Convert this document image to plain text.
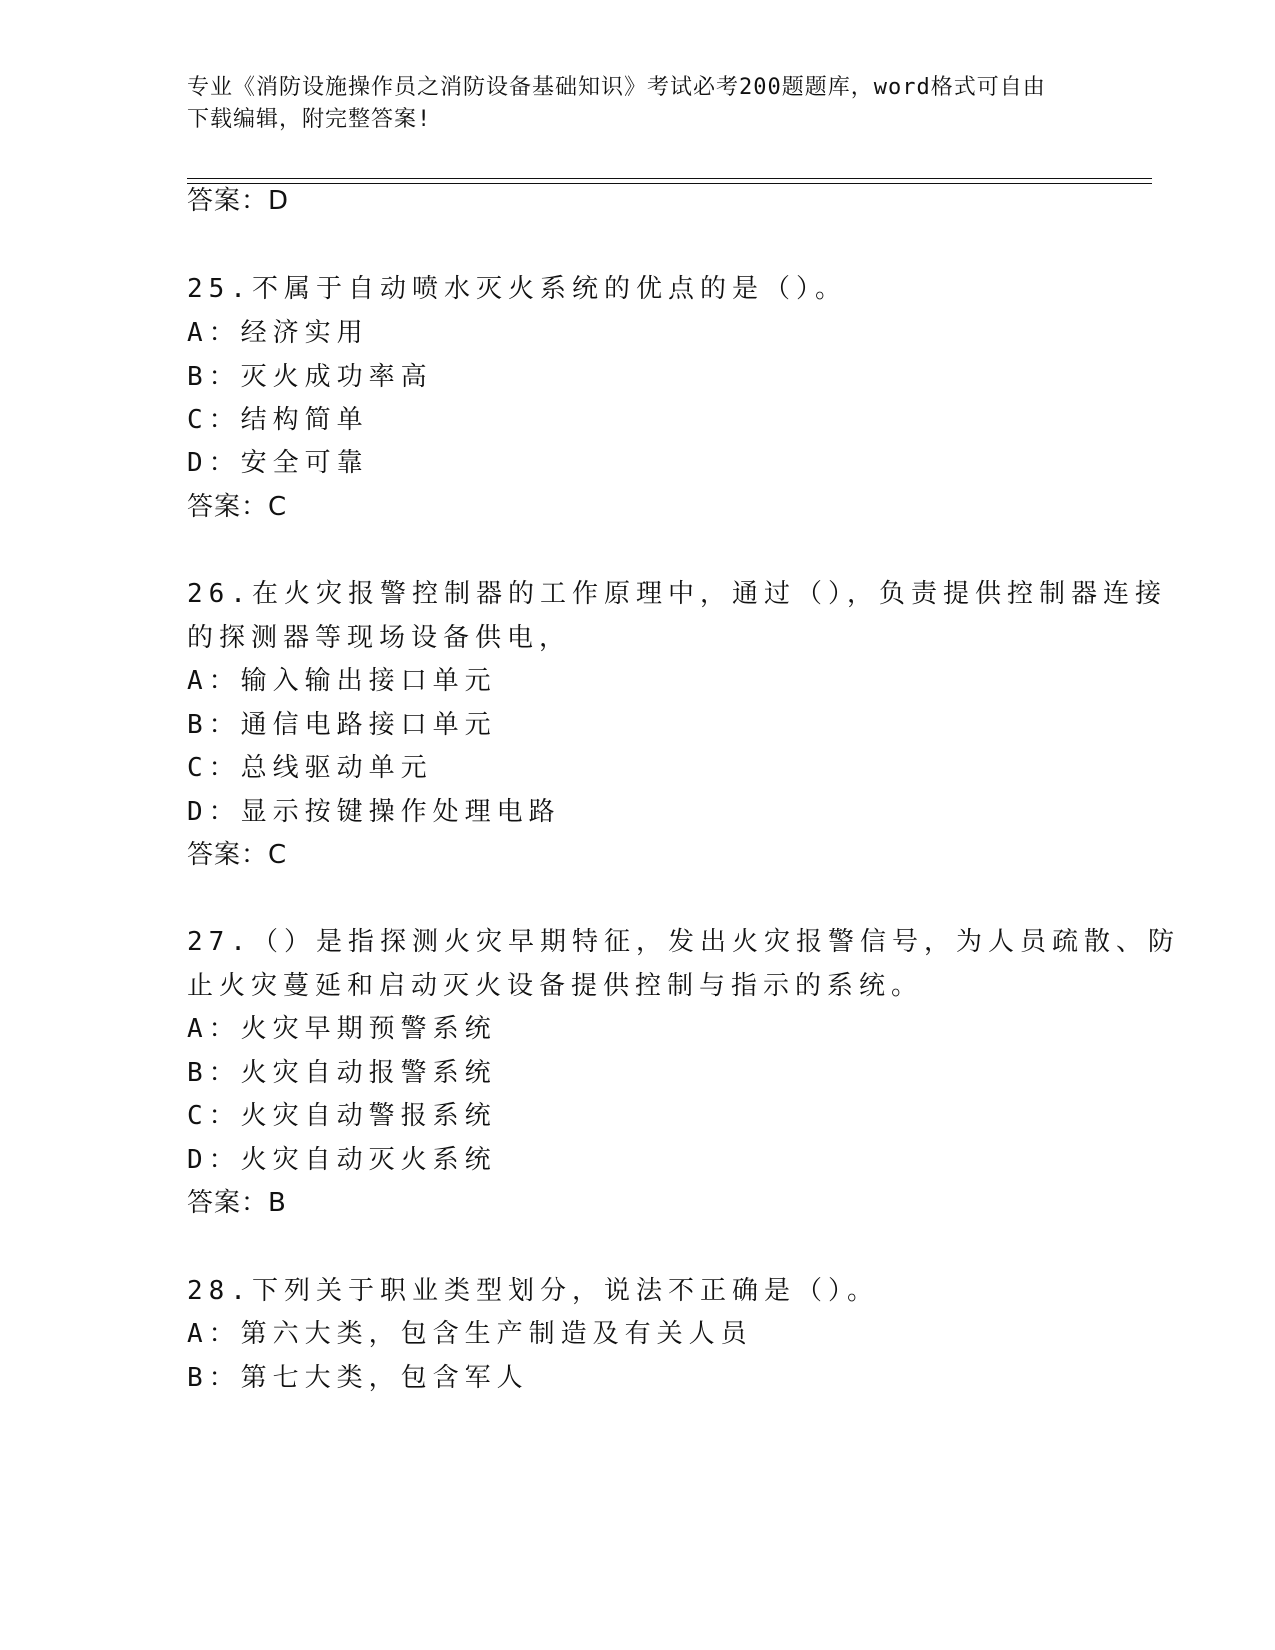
专业《消防设施操作员之消防设备基础知识》考试必考200题题库，word格式可自由下载编辑，附完整答案!
答案：D
25.不属于自动喷水灭火系统的优点的是（）。
A：经济实用
B：灭火成功率高
C：结构简单
D：安全可靠
答案：C
26.在火灾报警控制器的工作原理中，通过（），负责提供控制器连接
的探测器等现场设备供电，
A：输入输出接口单元
B：通信电路接口单元
C：总线驱动单元
D：显示按键操作处理电路
答案：C
27.（）是指探测火灾早期特征，发出火灾报警信号，为人员疏散、防
止火灾蔓延和启动灭火设备提供控制与指示的系统。
A：火灾早期预警系统
B：火灾自动报警系统
C：火灾自动警报系统
D：火灾自动灭火系统
答案：B
28.下列关于职业类型划分，说法不正确是（）。
A：第六大类，包含生产制造及有关人员
B：第七大类，包含军人
